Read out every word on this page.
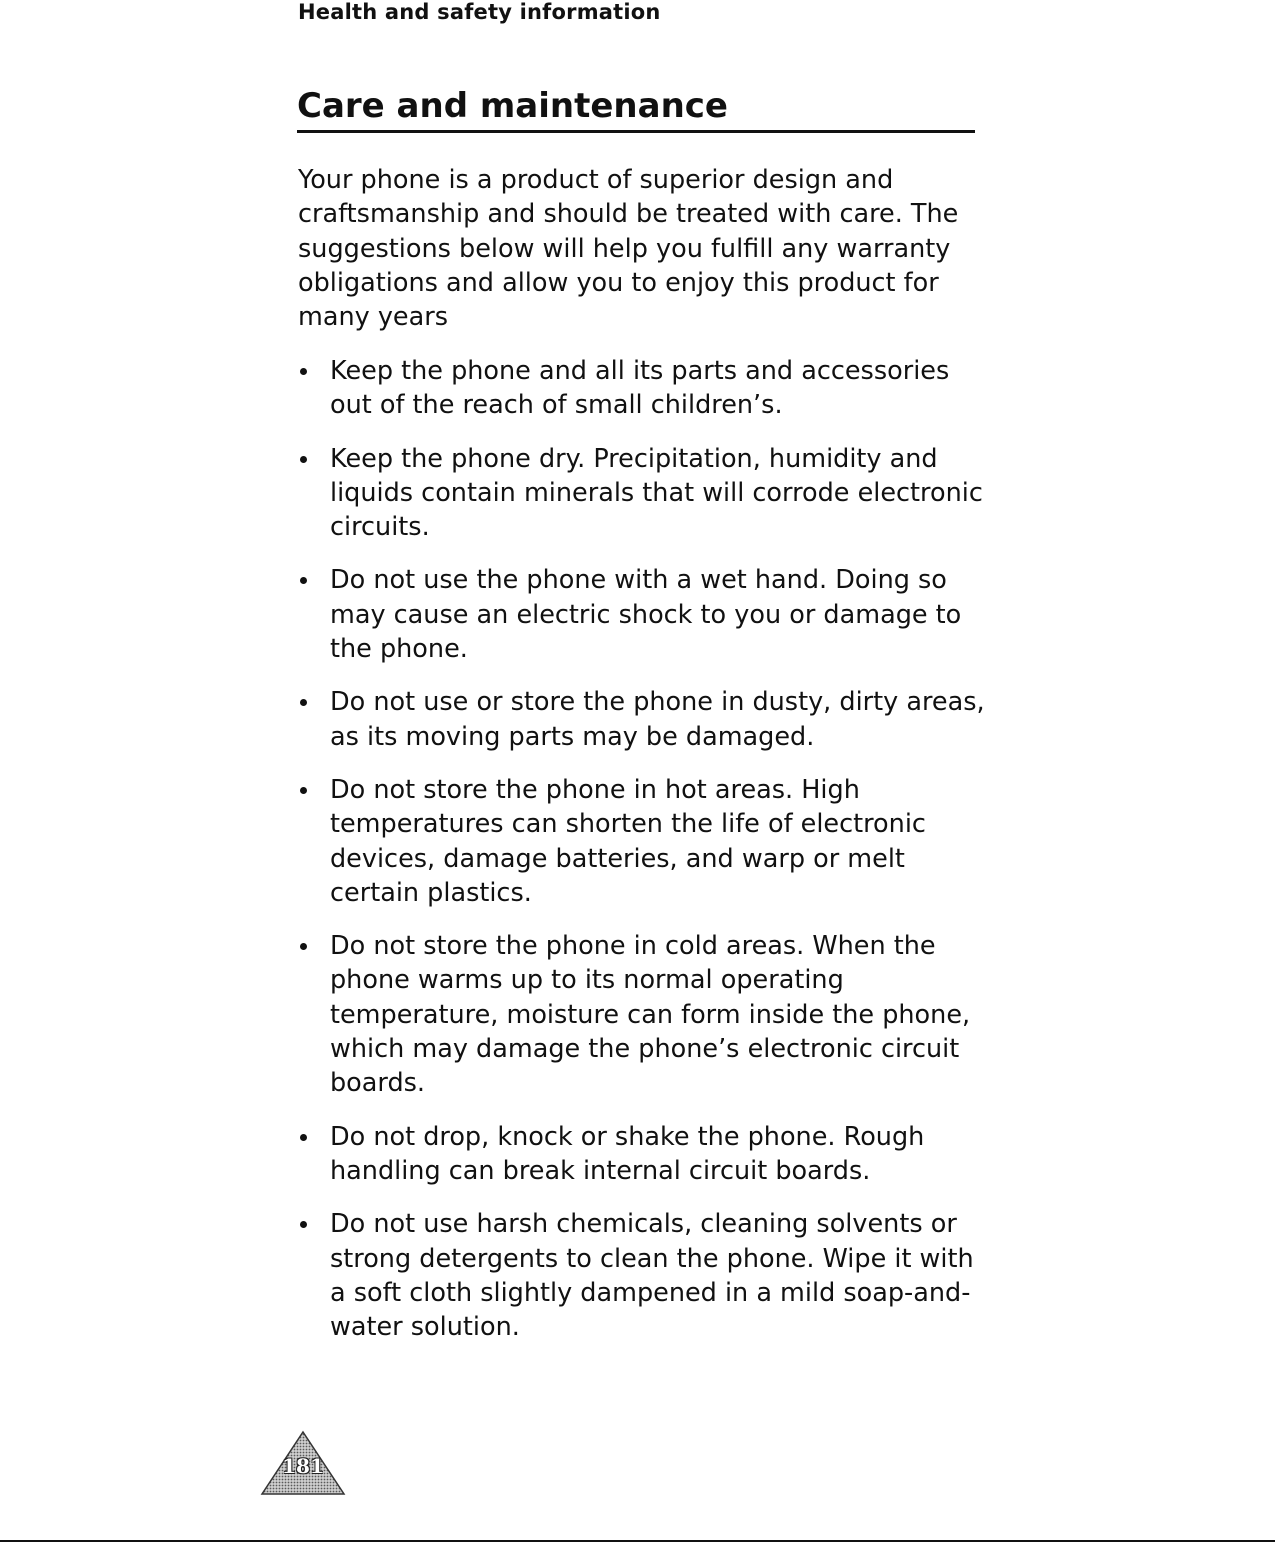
Health and safety information
Care and maintenance

Your phone is a product of superior design and craftsmanship and should be treated with care. The suggestions below will help you fulfill any warranty obligations and allow you to enjoy this product for many years

Keep the phone and all its parts and accessories out of the reach of small children’s.
Keep the phone dry. Precipitation, humidity and liquids contain minerals that will corrode electronic circuits.
Do not use the phone with a wet hand. Doing so may cause an electric shock to you or damage to the phone.
Do not use or store the phone in dusty, dirty areas, as its moving parts may be damaged.
Do not store the phone in hot areas. High temperatures can shorten the life of electronic devices, damage batteries, and warp or melt certain plastics.
Do not store the phone in cold areas. When the phone warms up to its normal operating temperature, moisture can form inside the phone, which may damage the phone’s electronic circuit boards.
Do not drop, knock or shake the phone. Rough handling can break internal circuit boards.
Do not use harsh chemicals, cleaning solvents or strong detergents to clean the phone. Wipe it with a soft cloth slightly dampened in a mild soap-and-water solution.
181
